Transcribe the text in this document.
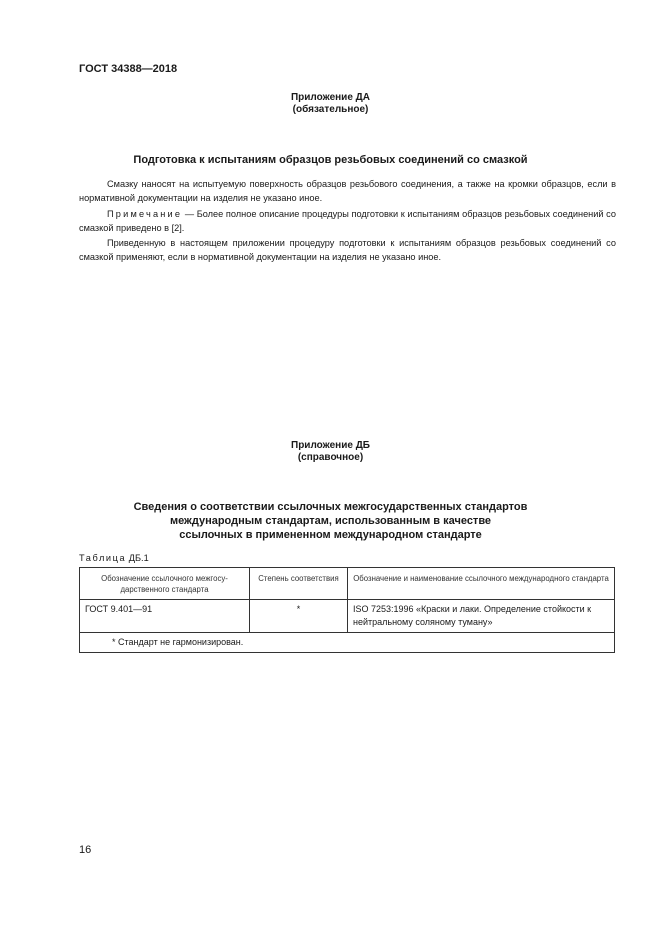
ГОСТ 34388—2018
Приложение ДА
(обязательное)
Подготовка к испытаниям образцов резьбовых соединений со смазкой
Смазку наносят на испытуемую поверхность образцов резьбового соединения, а также на кромки образцов, если в нормативной документации на изделия не указано иное.
Примечание — Более полное описание процедуры подготовки к испытаниям образцов резьбовых соединений со смазкой приведено в [2].
Приведенную в настоящем приложении процедуру подготовки к испытаниям образцов резьбовых соединений со смазкой применяют, если в нормативной документации на изделия не указано иное.
Приложение ДБ
(справочное)
Сведения о соответствии ссылочных межгосударственных стандартов
международным стандартам, использованным в качестве
ссылочных в примененном международном стандарте
Таблица ДБ.1
Обозначение ссылочного межгосу-дарственного стандарта	Степень соответствия	Обозначение и наименование ссылочного международного стандарта
ГОСТ 9.401—91	*	ISO 7253:1996 «Краски и лаки. Определение стойкости к нейтральному соляному туману»
* Стандарт не гармонизирован.		
16
